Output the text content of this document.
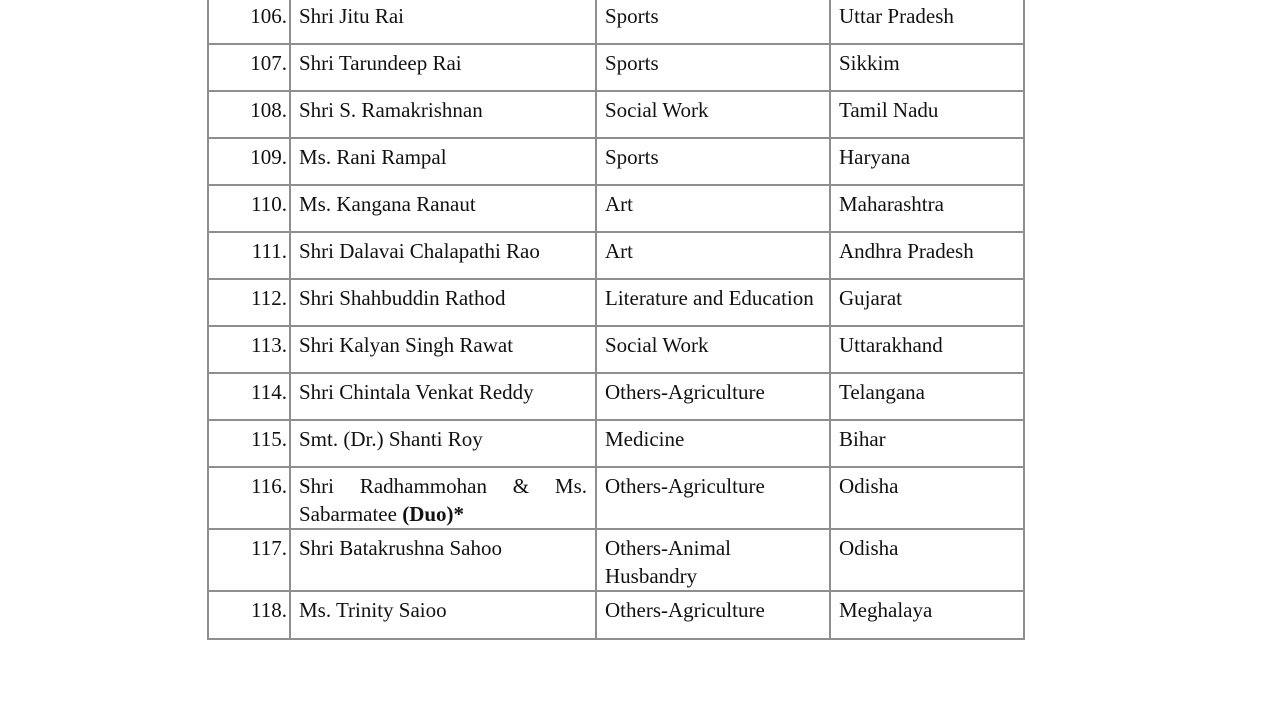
106.	Shri Jitu Rai	Sports	Uttar Pradesh
107.	Shri Tarundeep Rai	Sports	Sikkim
108.	Shri S. Ramakrishnan	Social Work	Tamil Nadu
109.	Ms. Rani Rampal	Sports	Haryana
110.	Ms. Kangana Ranaut	Art	Maharashtra
111.	Shri Dalavai Chalapathi Rao	Art	Andhra Pradesh
112.	Shri Shahbuddin Rathod	Literature and Education	Gujarat
113.	Shri Kalyan Singh Rawat	Social Work	Uttarakhand
114.	Shri Chintala Venkat Reddy	Others-Agriculture	Telangana
115.	Smt. (Dr.) Shanti Roy	Medicine	Bihar
116.	Shri Radhammohan & Ms. Sabarmatee (Duo)*	Others-Agriculture	Odisha
117.	Shri Batakrushna Sahoo	Others-Animal Husbandry	Odisha
118.	Ms. Trinity Saioo	Others-Agriculture	Meghalaya
